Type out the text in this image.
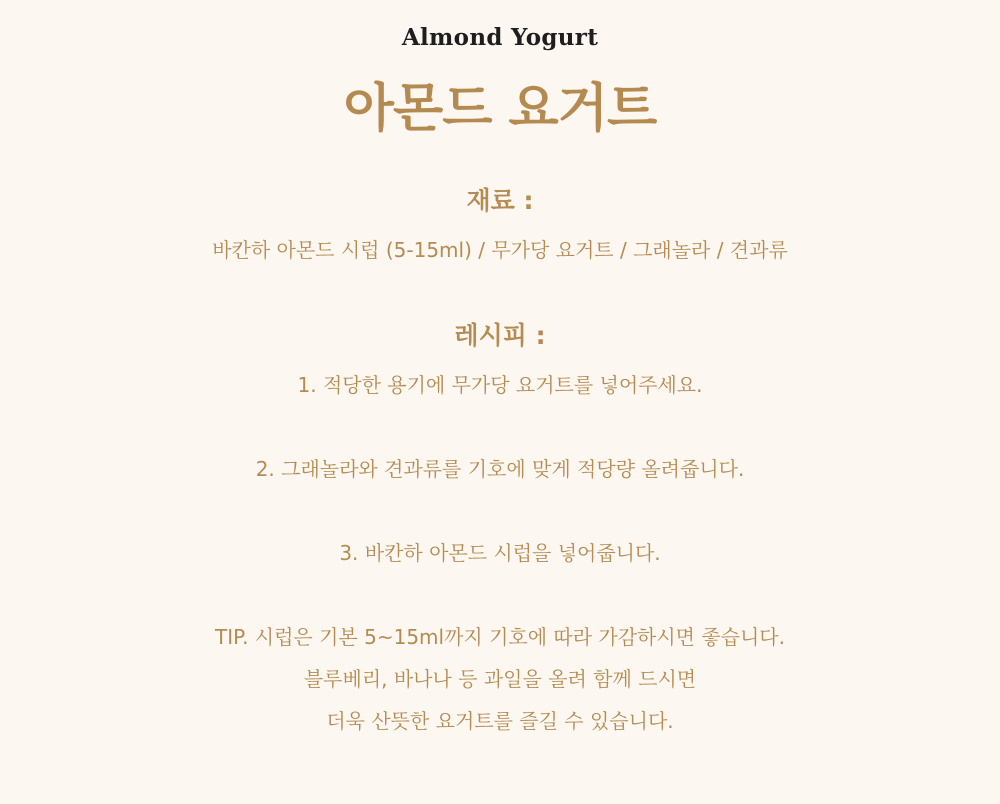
Almond Yogurt
아몬드 요거트
재료 :
바칸하 아몬드 시럽 (5-15ml) / 무가당 요거트 / 그래놀라 / 견과류
레시피 :
1. 적당한 용기에 무가당 요거트를 넣어주세요.
2. 그래놀라와 견과류를 기호에 맞게 적당량 올려줍니다.
3. 바칸하 아몬드 시럽을 넣어줍니다.
TIP. 시럽은 기본 5~15ml까지 기호에 따라 가감하시면 좋습니다.
블루베리, 바나나 등 과일을 올려 함께 드시면
더욱 산뜻한 요거트를 즐길 수 있습니다.
